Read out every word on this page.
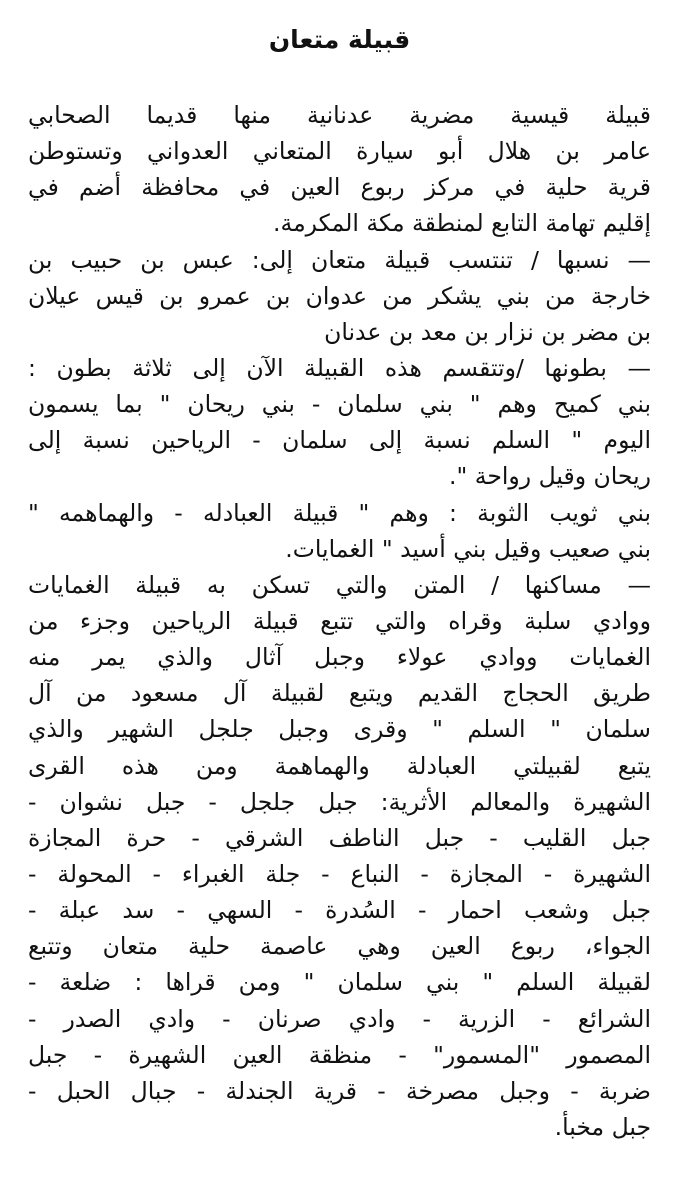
قبيلة متعان
قبيلة قيسية مضرية عدنانية منها قديما الصحابي
عامر بن هلال أبو سيارة المتعاني العدواني وتستوطن
قرية حلية في مركز ربوع العين في محافظة أضم في
إقليم تهامة التابع لمنطقة مكة المكرمة.
— نسبها / تنتسب قبيلة متعان إلى: عبس بن حبيب بن
خارجة من بني يشكر من عدوان بن عمرو بن قيس عيلان
بن مضر بن نزار بن معد بن عدنان
— بطونها /وتتقسم هذه القبيلة الآن إلى ثلاثة بطون :
بني كميح وهم " بني سلمان - بني ريحان " بما يسمون
اليوم " السلم نسبة إلى سلمان - الرياحين نسبة إلى
ريحان وقيل رواحة ".
بني ثويب الثوبة : وهم " قبيلة العبادله - والهماهمه "
بني صعيب وقيل بني أسيد " الغمايات.
— مساكنها / المتن والتي تسكن به قبيلة الغمايات
ووادي سلبة وقراه والتي تتبع قبيلة الرياحين وجزء من
الغمايات ووادي عولاء وجبل آثال والذي يمر منه
طريق الحجاج القديم ويتبع لقبيلة آل مسعود من آل
سلمان " السلم " وقرى وجبل جلجل الشهير والذي
يتبع لقبيلتي العبادلة والهماهمة ومن هذه القرى
الشهيرة والمعالم الأثرية: جبل جلجل - جبل نشوان -
جبل القليب - جبل الناطف الشرقي - حرة المجازة
الشهيرة - المجازة - النباع - جلة الغبراء - المحولة -
جبل وشعب احمار - السُدرة - السهي - سد عبلة -
الجواء، ربوع العين وهي عاصمة حلية متعان وتتبع
لقبيلة السلم " بني سلمان " ومن قراها : ضلعة -
الشرائع - الزرية - وادي صرنان - وادي الصدر -
المصمور "المسمور" - منظقة العين الشهيرة - جبل
ضربة - وجبل مصرخة - قرية الجندلة - جبال الحبل -
جبل مخبأ.
